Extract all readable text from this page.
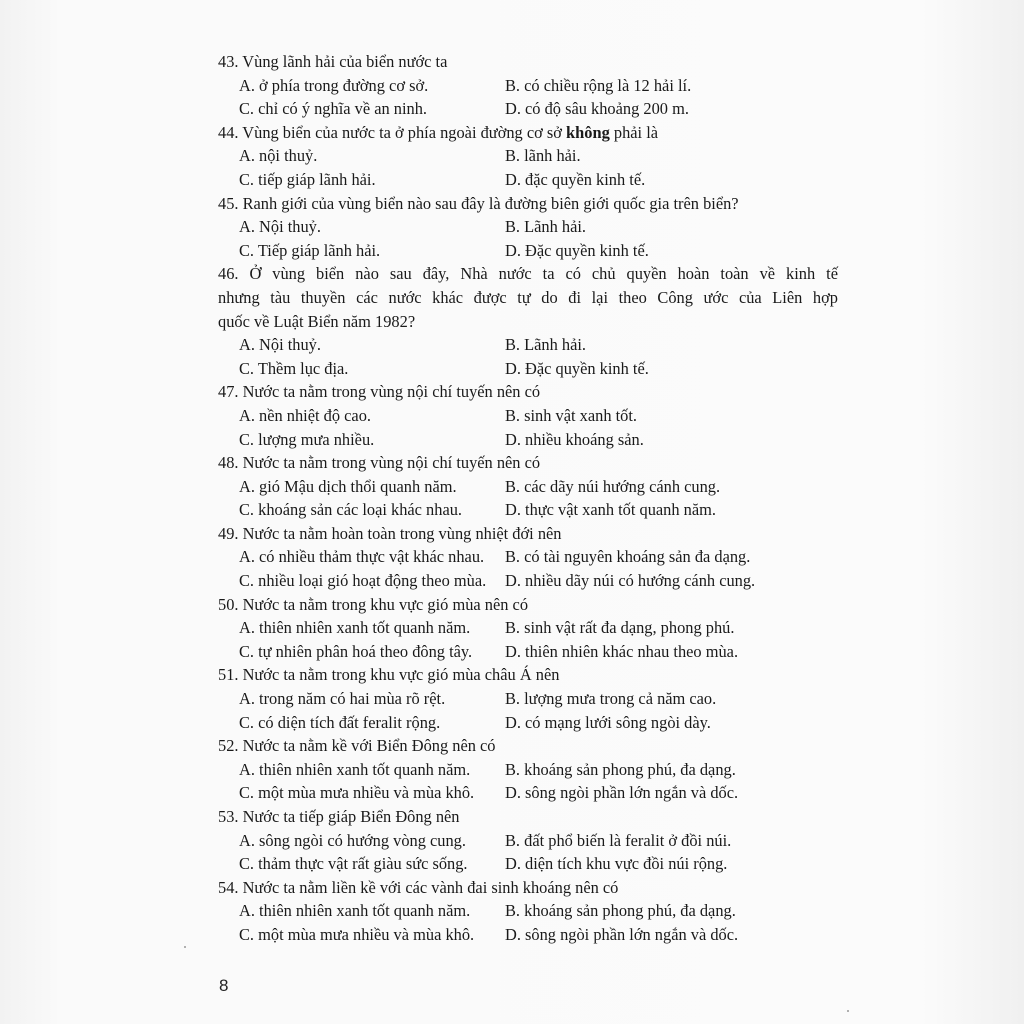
43. Vùng lãnh hải của biển nước ta
A. ở phía trong đường cơ sở.	B. có chiều rộng là 12 hải lí.
C. chỉ có ý nghĩa về an ninh.	D. có độ sâu khoảng 200 m.
44. Vùng biển của nước ta ở phía ngoài đường cơ sở không phải là
A. nội thuỷ.	B. lãnh hải.
C. tiếp giáp lãnh hải.	D. đặc quyền kinh tế.
45. Ranh giới của vùng biển nào sau đây là đường biên giới quốc gia trên biển?
A. Nội thuỷ.	B. Lãnh hải.
C. Tiếp giáp lãnh hải.	D. Đặc quyền kinh tế.
46. Ở vùng biển nào sau đây, Nhà nước ta có chủ quyền hoàn toàn về kinh tế
nhưng tàu thuyền các nước khác được tự do đi lại theo Công ước của Liên hợp
quốc về Luật Biển năm 1982?
A. Nội thuỷ.	B. Lãnh hải.
C. Thềm lục địa.	D. Đặc quyền kinh tế.
47. Nước ta nằm trong vùng nội chí tuyến nên có
A. nền nhiệt độ cao.	B. sinh vật xanh tốt.
C. lượng mưa nhiều.	D. nhiều khoáng sản.
48. Nước ta nằm trong vùng nội chí tuyến nên có
A. gió Mậu dịch thổi quanh năm.	B. các dãy núi hướng cánh cung.
C. khoáng sản các loại khác nhau.	D. thực vật xanh tốt quanh năm.
49. Nước ta nằm hoàn toàn trong vùng nhiệt đới nên
A. có nhiều thảm thực vật khác nhau.	B. có tài nguyên khoáng sản đa dạng.
C. nhiều loại gió hoạt động theo mùa.	D. nhiều dãy núi có hướng cánh cung.
50. Nước ta nằm trong khu vực gió mùa nên có
A. thiên nhiên xanh tốt quanh năm.	B. sinh vật rất đa dạng, phong phú.
C. tự nhiên phân hoá theo đông tây.	D. thiên nhiên khác nhau theo mùa.
51. Nước ta nằm trong khu vực gió mùa châu Á nên
A. trong năm có hai mùa rõ rệt.	B. lượng mưa trong cả năm cao.
C. có diện tích đất feralit rộng.	D. có mạng lưới sông ngòi dày.
52. Nước ta nằm kề với Biển Đông nên có
A. thiên nhiên xanh tốt quanh năm.	B. khoáng sản phong phú, đa dạng.
C. một mùa mưa nhiều và mùa khô.	D. sông ngòi phần lớn ngắn và dốc.
53. Nước ta tiếp giáp Biển Đông nên
A. sông ngòi có hướng vòng cung.	B. đất phổ biến là feralit ở đồi núi.
C. thảm thực vật rất giàu sức sống.	D. diện tích khu vực đồi núi rộng.
54. Nước ta nằm liền kề với các vành đai sinh khoáng nên có
A. thiên nhiên xanh tốt quanh năm.	B. khoáng sản phong phú, đa dạng.
C. một mùa mưa nhiều và mùa khô.	D. sông ngòi phần lớn ngắn và dốc.
8
